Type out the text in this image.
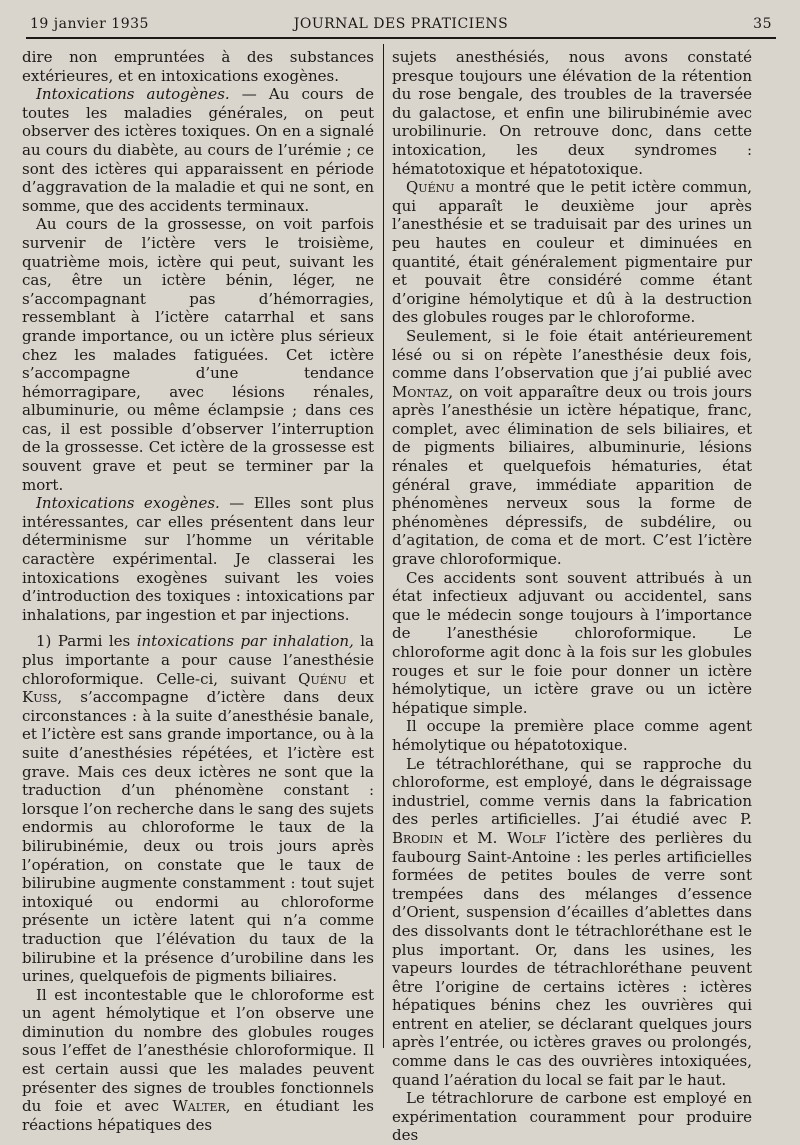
19 janvier 1935	JOURNAL DES PRATICIENS	35

dire non empruntées à des substances extérieures, et en intoxications exogènes.

Intoxications autogènes. — Au cours de toutes les maladies générales, on peut observer des ictères toxiques. On en a signalé au cours du diabète, au cours de l’urémie ; ce sont des ictères qui apparaissent en période d’aggravation de la maladie et qui ne sont, en somme, que des accidents terminaux.

Au cours de la grossesse, on voit parfois survenir de l’ictère vers le troisième, quatrième mois, ictère qui peut, suivant les cas, être un ictère bénin, léger, ne s’accompagnant pas d’hémorragies, ressemblant à l’ictère catarrhal et sans grande importance, ou un ictère plus sérieux chez les malades fatiguées. Cet ictère s’accompagne d’une tendance hémorragipare, avec lésions rénales, albuminurie, ou même éclampsie ; dans ces cas, il est possible d’observer l’interruption de la grossesse. Cet ictère de la grossesse est souvent grave et peut se terminer par la mort.

Intoxications exogènes. — Elles sont plus intéressantes, car elles présentent dans leur déterminisme sur l’homme un véritable caractère expérimental. Je classerai les intoxications exogènes suivant les voies d’introduction des toxiques : intoxications par inhalations, par ingestion et par injections.

1) Parmi les intoxications par inhalation, la plus importante a pour cause l’anesthésie chloroformique. Celle-ci, suivant Quénu et Kuss, s’accompagne d’ictère dans deux circonstances : à la suite d’anesthésie banale, et l’ictère est sans grande importance, ou à la suite d’anesthésies répétées, et l’ictère est grave. Mais ces deux ictères ne sont que la traduction d’un phénomène constant : lorsque l’on recherche dans le sang des sujets endormis au chloroforme le taux de la bilirubinémie, deux ou trois jours après l’opération, on constate que le taux de bilirubine augmente constamment : tout sujet intoxiqué ou endormi au chloroforme présente un ictère latent qui n’a comme traduction que l’élévation du taux de la bilirubine et la présence d’urobiline dans les urines, quelquefois de pigments biliaires.

Il est incontestable que le chloroforme est un agent hémolytique et l’on observe une diminution du nombre des globules rouges sous l’effet de l’anesthésie chloroformique. Il est certain aussi que les malades peuvent présenter des signes de troubles fonctionnels du foie et avec Walter, en étudiant les réactions hépatiques des

sujets anesthésiés, nous avons constaté presque toujours une élévation de la rétention du rose bengale, des troubles de la traversée du galactose, et enfin une bilirubinémie avec urobilinurie. On retrouve donc, dans cette intoxication, les deux syndromes : hématotoxique et hépatotoxique.

Quénu a montré que le petit ictère commun, qui apparaît le deuxième jour après l’anesthésie et se traduisait par des urines un peu hautes en couleur et diminuées en quantité, était généralement pigmentaire pur et pouvait être considéré comme étant d’origine hémolytique et dû à la destruction des globules rouges par le chloroforme.

Seulement, si le foie était antérieurement lésé ou si on répète l’anesthésie deux fois, comme dans l’observation que j’ai publié avec Montaz, on voit apparaître deux ou trois jours après l’anesthésie un ictère hépatique, franc, complet, avec élimination de sels biliaires, et de pigments biliaires, albuminurie, lésions rénales et quelquefois hématuries, état général grave, immédiate apparition de phénomènes nerveux sous la forme de phénomènes dépressifs, de subdélire, ou d’agitation, de coma et de mort. C’est l’ictère grave chloroformique.

Ces accidents sont souvent attribués à un état infectieux adjuvant ou accidentel, sans que le médecin songe toujours à l’importance de l’anesthésie chloroformique. Le chloroforme agit donc à la fois sur les globules rouges et sur le foie pour donner un ictère hémolytique, un ictère grave ou un ictère hépatique simple.

Il occupe la première place comme agent hémolytique ou hépatotoxique.

Le tétrachloréthane, qui se rapproche du chloroforme, est employé, dans le dégraissage industriel, comme vernis dans la fabrication des perles artificielles. J’ai étudié avec P. Brodin et M. Wolf l’ictère des perlières du faubourg Saint-Antoine : les perles artificielles formées de petites boules de verre sont trempées dans des mélanges d’essence d’Orient, suspension d’écailles d’ablettes dans des dissolvants dont le tétrachloréthane est le plus important. Or, dans les usines, les vapeurs lourdes de tétrachloréthane peuvent être l’origine de certains ictères : ictères hépatiques bénins chez les ouvrières qui entrent en atelier, se déclarant quelques jours après l’entrée, ou ictères graves ou prolongés, comme dans le cas des ouvrières intoxiquées, quand l’aération du local se fait par le haut.

Le tétrachlorure de carbone est employé en expérimentation couramment pour produire des
